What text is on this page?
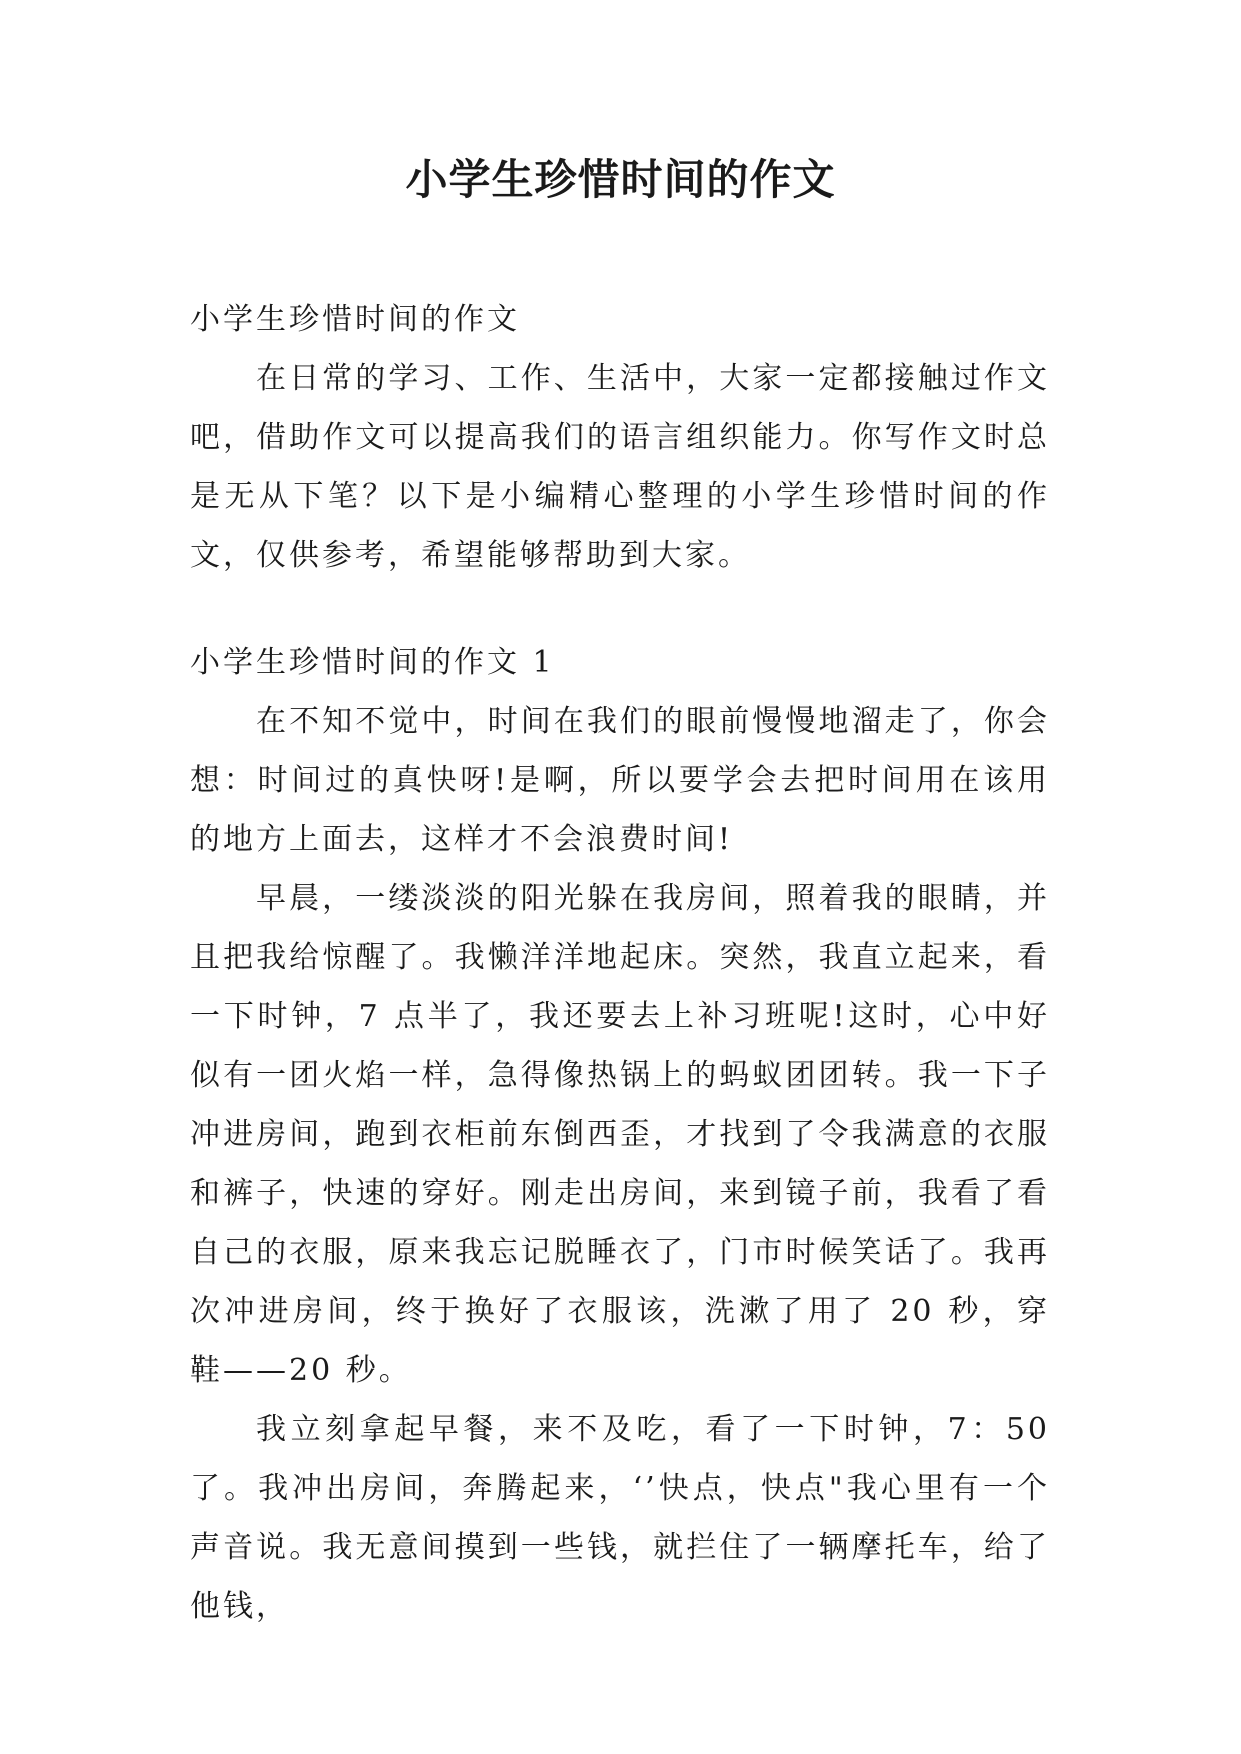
小学生珍惜时间的作文

小学生珍惜时间的作文

在日常的学习、工作、生活中，大家一定都接触过作文吧，借助作文可以提高我们的语言组织能力。你写作文时总是无从下笔？以下是小编精心整理的小学生珍惜时间的作文，仅供参考，希望能够帮助到大家。

小学生珍惜时间的作文 1

在不知不觉中，时间在我们的眼前慢慢地溜走了，你会想：时间过的真快呀!是啊，所以要学会去把时间用在该用的地方上面去，这样才不会浪费时间!

早晨，一缕淡淡的阳光躲在我房间，照着我的眼睛，并且把我给惊醒了。我懒洋洋地起床。突然，我直立起来，看一下时钟，7 点半了，我还要去上补习班呢!这时，心中好似有一团火焰一样，急得像热锅上的蚂蚁团团转。我一下子冲进房间，跑到衣柜前东倒西歪，才找到了令我满意的衣服和裤子，快速的穿好。刚走出房间，来到镜子前，我看了看自己的衣服，原来我忘记脱睡衣了，门市时候笑话了。我再次冲进房间，终于换好了衣服该，洗漱了用了 20 秒，穿鞋——20 秒。

我立刻拿起早餐，来不及吃，看了一下时钟，7：50 了。我冲出房间，奔腾起来，‘’快点，快点"我心里有一个声音说。我无意间摸到一些钱，就拦住了一辆摩托车，给了他钱，
